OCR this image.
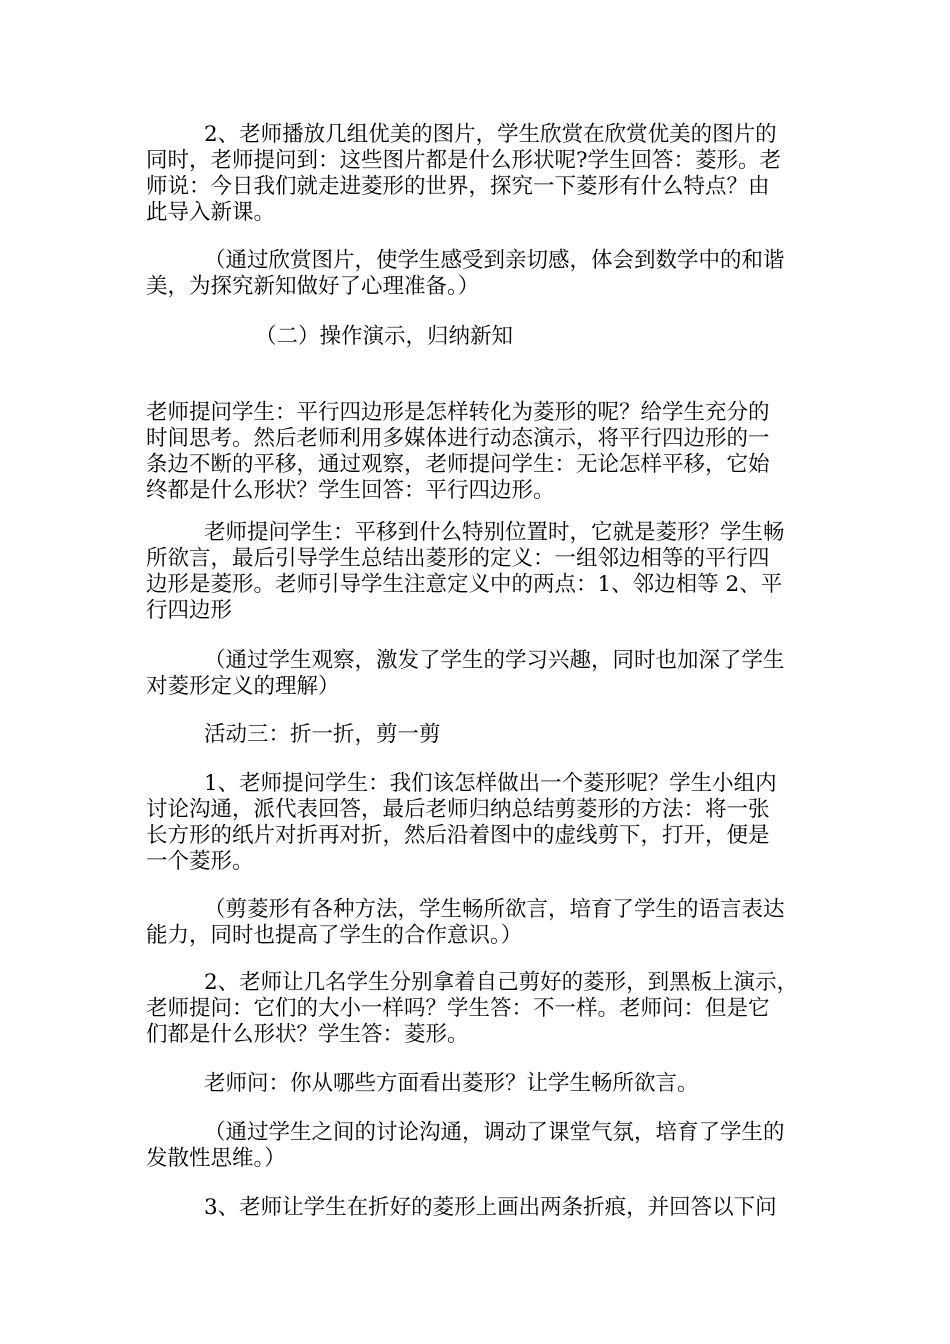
2、老师播放几组优美的图片，学生欣赏在欣赏优美的图片的
同时，老师提问到：这些图片都是什么形状呢?学生回答：菱形。老
师说：今日我们就走进菱形的世界，探究一下菱形有什么特点？由
此导入新课。
（通过欣赏图片，使学生感受到亲切感，体会到数学中的和谐
美，为探究新知做好了心理准备。）
（二）操作演示，归纳新知
老师提问学生：平行四边形是怎样转化为菱形的呢？给学生充分的
时间思考。然后老师利用多媒体进行动态演示，将平行四边形的一
条边不断的平移，通过观察，老师提问学生：无论怎样平移，它始
终都是什么形状？学生回答：平行四边形。
老师提问学生：平移到什么特别位置时，它就是菱形？学生畅
所欲言，最后引导学生总结出菱形的定义：一组邻边相等的平行四
边形是菱形。老师引导学生注意定义中的两点：1、邻边相等 2、平
行四边形
（通过学生观察，激发了学生的学习兴趣，同时也加深了学生
对菱形定义的理解）
活动三：折一折，剪一剪
1、老师提问学生：我们该怎样做出一个菱形呢？学生小组内
讨论沟通，派代表回答，最后老师归纳总结剪菱形的方法：将一张
长方形的纸片对折再对折，然后沿着图中的虚线剪下，打开，便是
一个菱形。
（剪菱形有各种方法，学生畅所欲言，培育了学生的语言表达
能力，同时也提高了学生的合作意识。）
2、老师让几名学生分别拿着自己剪好的菱形，到黑板上演示，
老师提问：它们的大小一样吗？学生答：不一样。老师问：但是它
们都是什么形状？学生答：菱形。
老师问：你从哪些方面看出菱形？让学生畅所欲言。
（通过学生之间的讨论沟通，调动了课堂气氛，培育了学生的
发散性思维。）
3、老师让学生在折好的菱形上画出两条折痕，并回答以下问
